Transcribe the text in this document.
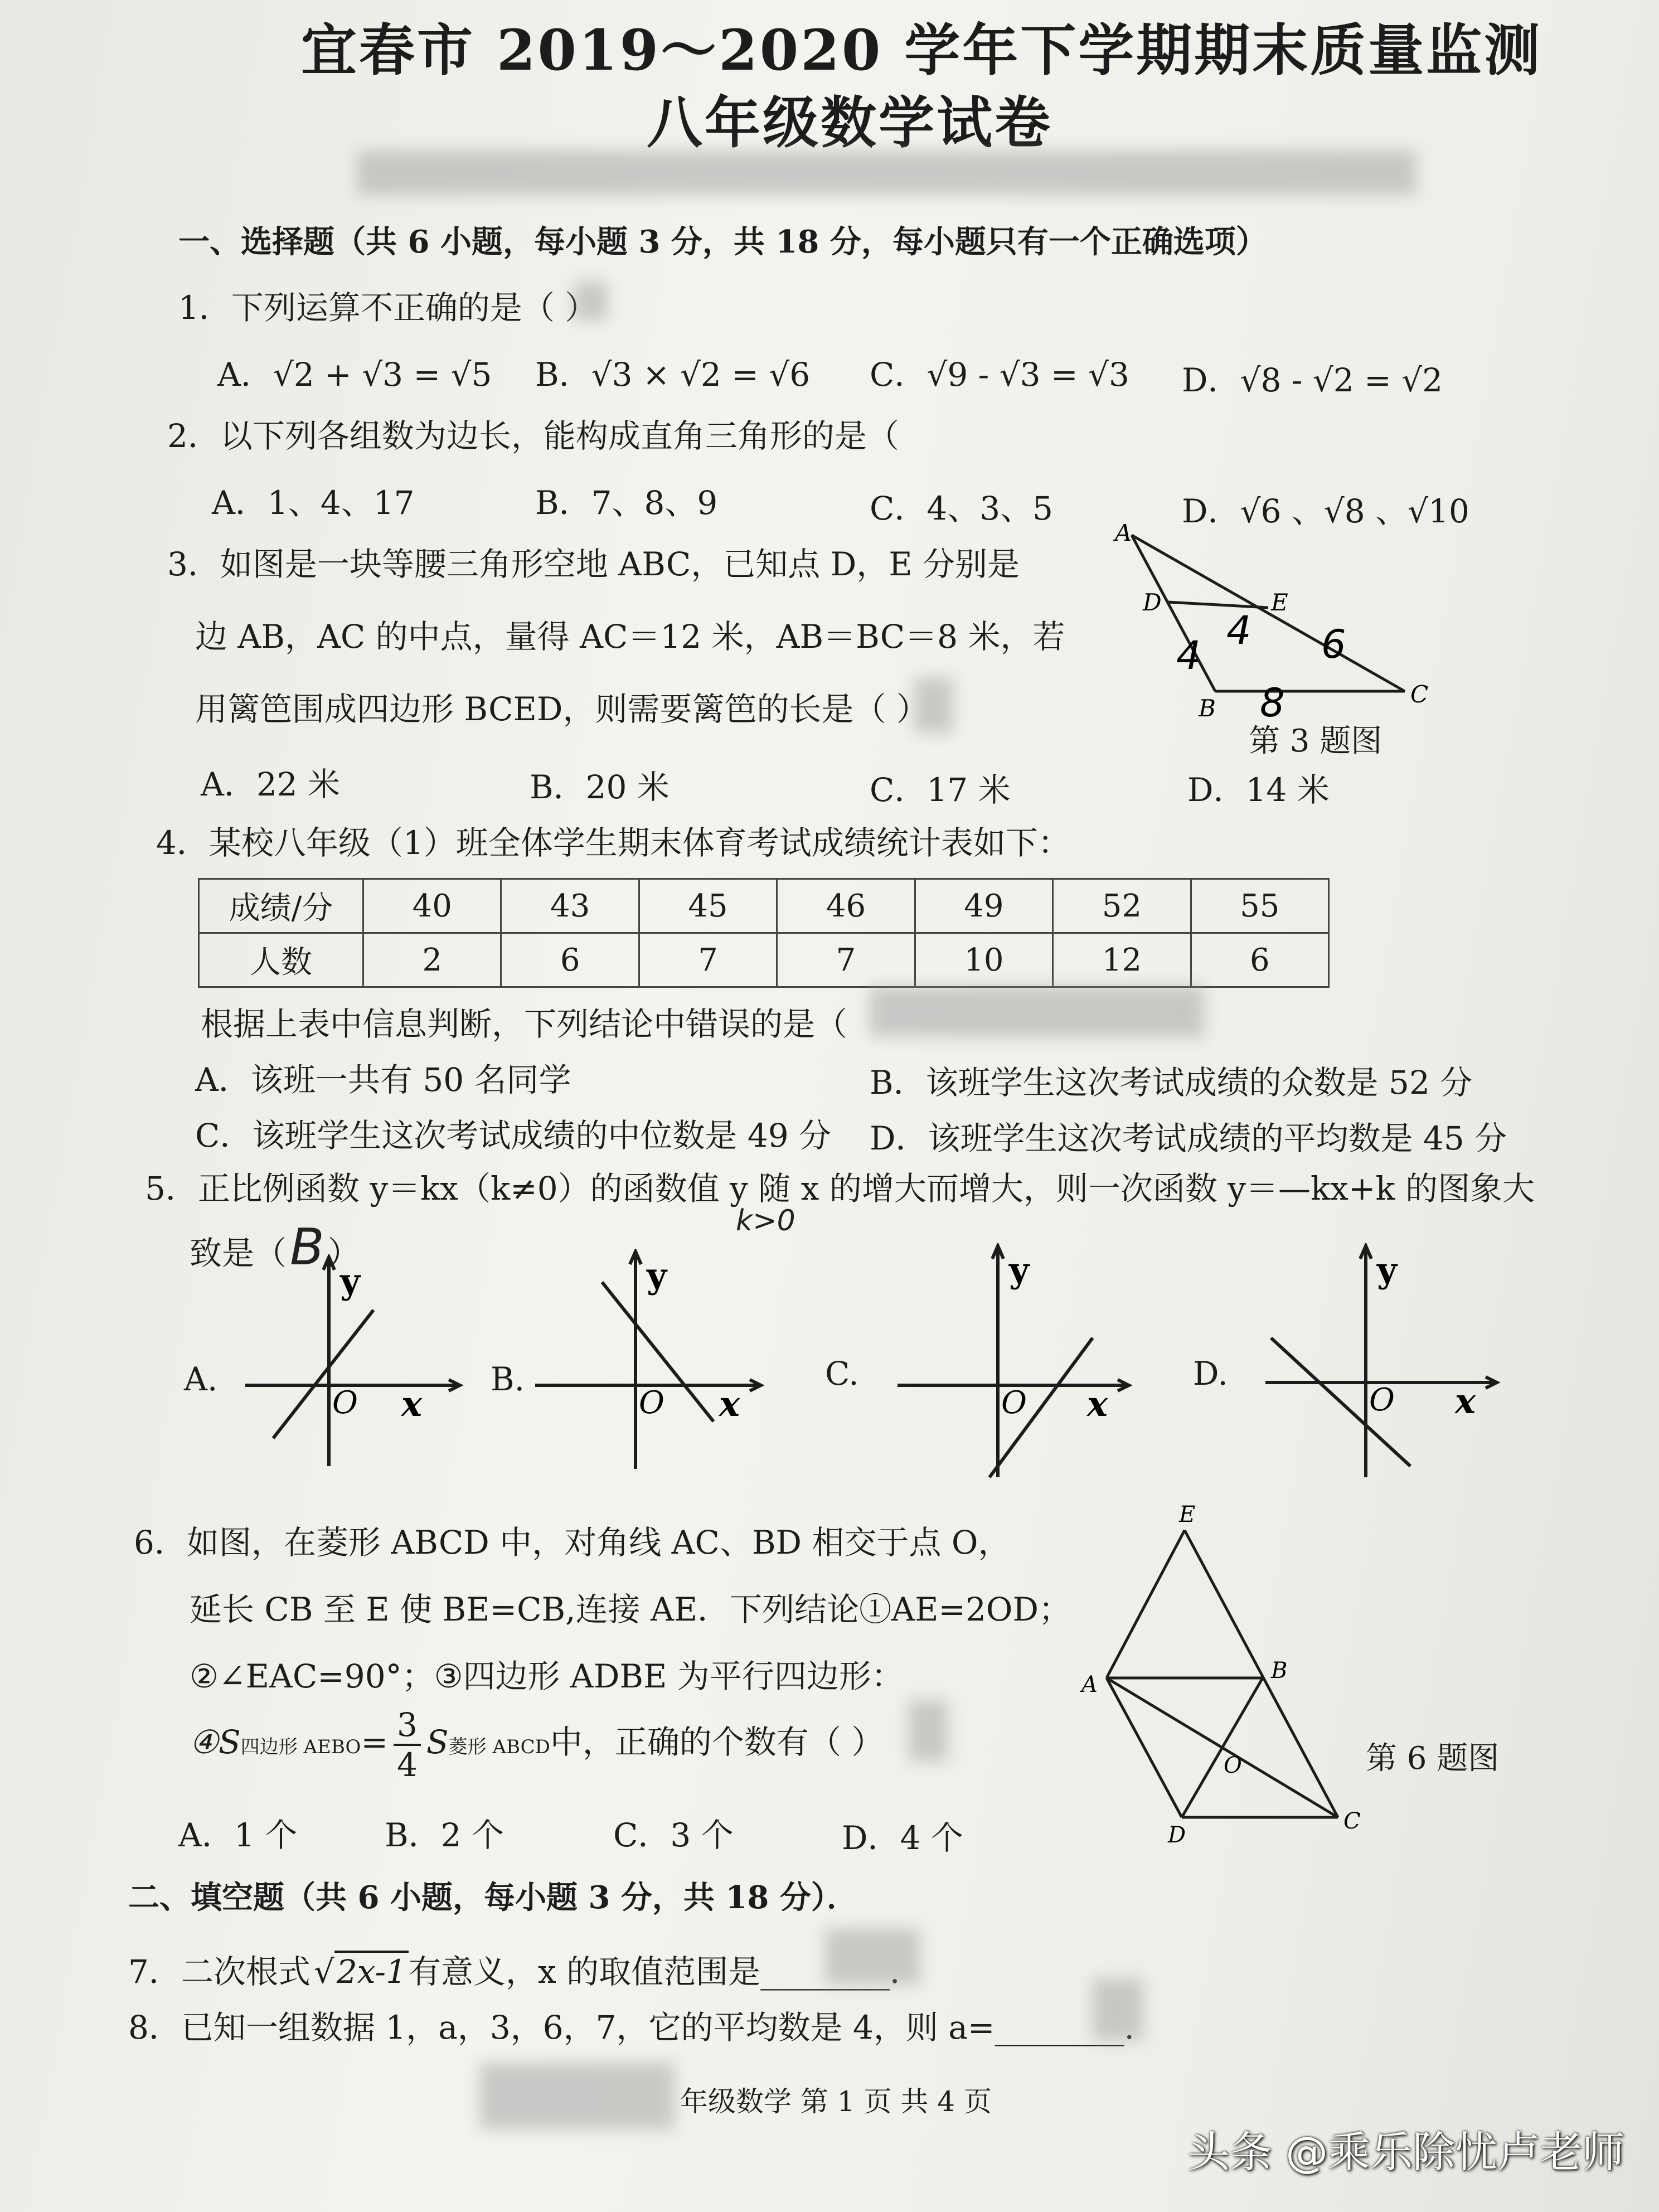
宜春市 2019～2020 学年下学期期末质量监测
八年级数学试卷
一、选择题（共 6 小题，每小题 3 分，共 18 分，每小题只有一个正确选项）
1．下列运算不正确的是（ ）
A．√2 + √3 = √5 B．√3 × √2 = √6 C．√9 - √3 = √3 D．√8 - √2 = √2
2．以下列各组数为边长，能构成直角三角形的是（
A．1、4、17	B．7、8、9	C．4、3、5	D．√6 、√8 、√10
3．如图是一块等腰三角形空地 ABC，已知点 D，E 分别是
边 AB，AC 的中点，量得 AC＝12 米，AB＝BC＝8 米，若
用篱笆围成四边形 BCED，则需要篱笆的长是（ ）
A．22 米	B．20 米	C．17 米	D．14 米
A
D	E
B
C
4
4	6
8
第 3 题图
4．某校八年级（1）班全体学生期末体育考试成绩统计表如下：
成绩/分	40	43	45	46	49	52	55
人数	2	6	7	7	10	12	6
根据上表中信息判断，下列结论中错误的是（
A．该班一共有 50 名同学	B．该班学生这次考试成绩的众数是 52 分
C．该班学生这次考试成绩的中位数是 49 分 D．该班学生这次考试成绩的平均数是 45 分
5．正比例函数 y＝kx（k≠0）的函数值 y 随 x 的增大而增大，则一次函数 y＝—kx+k 的图象大
致是（B ）
k>0
A.
y
x
O
B.
y
x
O
C.
y
x
O
D.
y
x
O
6．如图，在菱形 ABCD 中，对角线 AC、BD 相交于点 O，
延长 CB 至 E 使 BE=CB,连接 AE．下列结论①AE=2OD；
②∠EAC=90°；③四边形 ADBE 为平行四边形：
④S四边形 AEBO= $\frac{3}{4}$ S菱形 ABCD中，正确的个数有（ ）
A．1 个	B．2 个	C．3 个	D．4 个
E
A
B
C
D
O	第 6 题图
二、填空题（共 6 小题，每小题 3 分，共 18 分）．
7．二次根式 √2x-1有意义，x 的取值范围是________．
8．已知一组数据 1，a，3，6，7，它的平均数是 4，则 a=________.
年级数学 第 1 页 共 4 页
头条 @乘乐除忧卢老师
